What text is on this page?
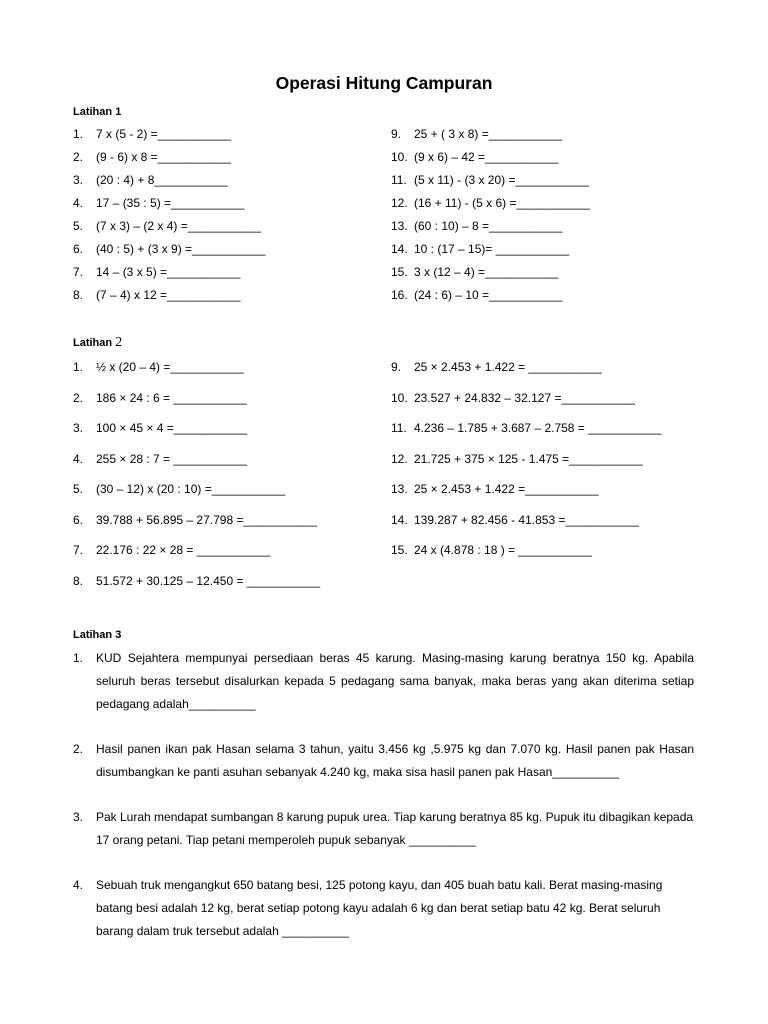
Operasi Hitung Campuran
Latihan 1
1.	7 x (5 - 2) =___________
2.	(9 - 6) x 8 =___________
3.	(20 : 4) + 8___________
4.	17 – (35 : 5) =___________
5.	(7 x 3) – (2 x 4) =___________
6.	(40 : 5) + (3 x 9) =___________
7.	14 – (3 x 5) =___________
8.	(7 – 4) x 12 =___________
9.	25 + ( 3 x 8) =___________
10. (9 x 6) – 42 =___________
11. (5 x 11) - (3 x 20) =___________
12. (16 + 11) - (5 x 6) =___________
13. (60 : 10) – 8 =___________
14. 10 : (17 – 15)= ___________
15. 3 x (12 – 4) =___________
16. (24 : 6) – 10 =___________
Latihan 2
1.	½ x (20 – 4) =___________
2.	186 × 24 : 6 = ___________
3.	100 × 45 × 4 =___________
4.	255 × 28 : 7 = ___________
5.	(30 – 12) x (20 : 10) =___________
6.	39.788 + 56.895 – 27.798 =___________
7.	22.176 : 22 × 28 = ___________
8.	51.572 + 30.125 – 12.450 = ___________
9.	25 × 2.453 + 1.422 = ___________
10. 23.527 + 24.832 – 32.127 =___________
11. 4.236 – 1.785 + 3.687 – 2.758 = ___________
12. 21.725 + 375 × 125 - 1.475 =___________
13. 25 × 2.453 + 1.422 =___________
14. 139.287 + 82.456 - 41.853 =___________
15. 24 x (4.878 : 18 ) = ___________
Latihan 3
1.	KUD Sejahtera mempunyai persediaan beras 45 karung. Masing-masing karung beratnya 150 kg. Apabila
seluruh beras tersebut disalurkan kepada 5 pedagang sama banyak, maka beras yang akan diterima setiap
pedagang adalah__________
2.	Hasil panen ikan pak Hasan selama 3 tahun, yaitu 3.456 kg ,5.975 kg dan 7.070 kg. Hasil panen pak Hasan
disumbangkan ke panti asuhan sebanyak 4.240 kg, maka sisa hasil panen pak Hasan__________
3.	Pak Lurah mendapat sumbangan 8 karung pupuk urea. Tiap karung beratnya 85 kg. Pupuk itu dibagikan kepada
17 orang petani. Tiap petani memperoleh pupuk sebanyak __________
4.	Sebuah truk mengangkut 650 batang besi, 125 potong kayu, dan 405 buah batu kali. Berat masing-masing
batang besi adalah 12 kg, berat setiap potong kayu adalah 6 kg dan berat setiap batu 42 kg. Berat seluruh
barang dalam truk tersebut adalah __________
